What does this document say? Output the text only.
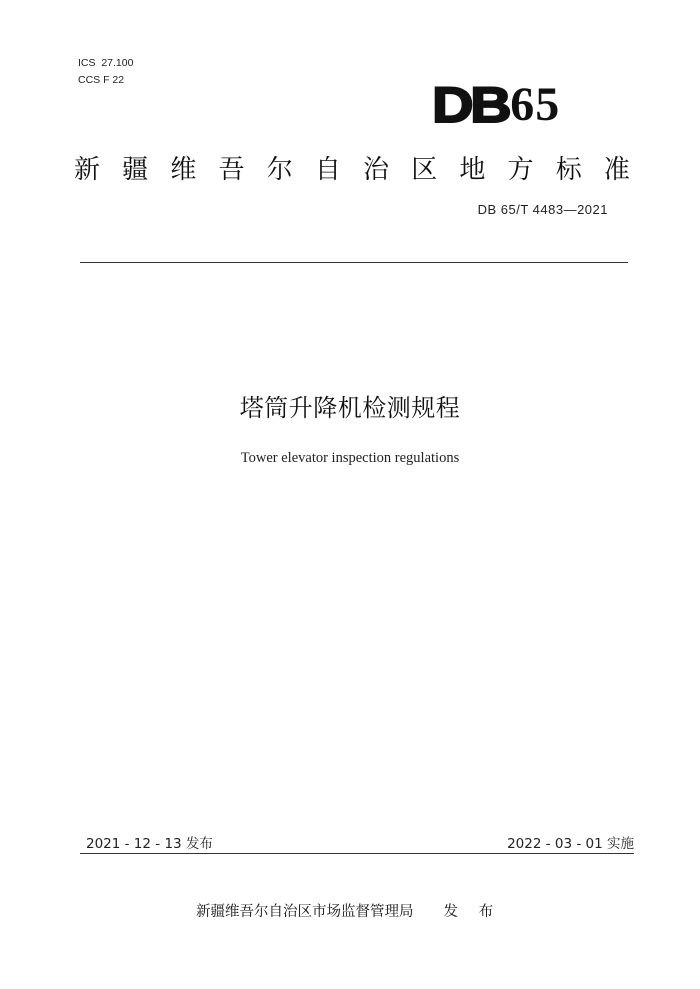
ICS  27.100
CCS F 22	DB 65
新 疆 维 吾 尔 自 治 区 地 方 标 准
DB 65/T 4483—2021
塔筒升降机检测规程
Tower elevator inspection regulations
2021 - 12 - 13 发布	2022 - 03 - 01 实施
新疆维吾尔自治区市场监督管理局 发 布
